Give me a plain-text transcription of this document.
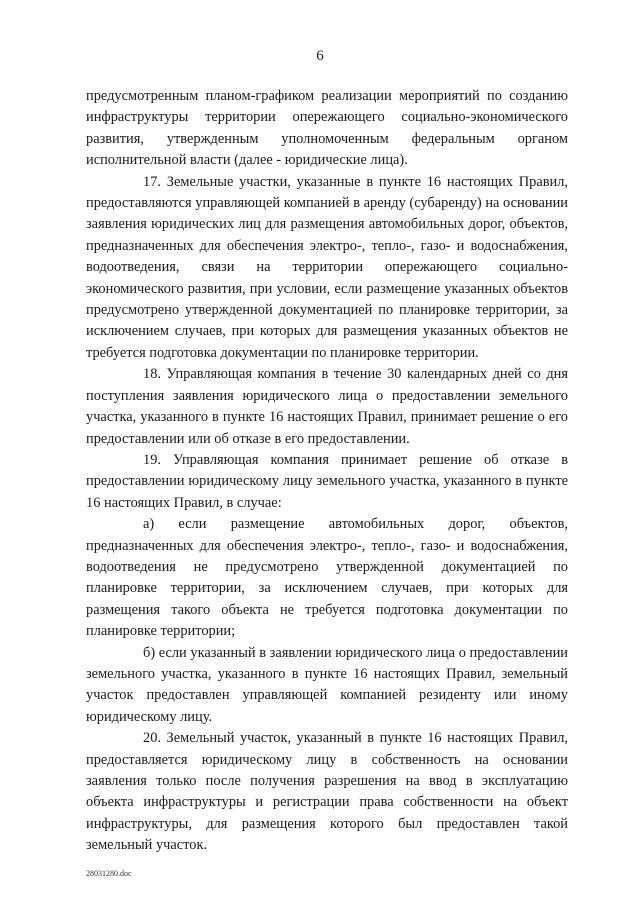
6

предусмотренным планом-графиком реализации мероприятий по созданию инфраструктуры территории опережающего социально-экономического развития, утвержденным уполномоченным федеральным органом исполнительной власти (далее - юридические лица).

17. Земельные участки, указанные в пункте 16 настоящих Правил, предоставляются управляющей компанией в аренду (субаренду) на основании заявления юридических лиц для размещения автомобильных дорог, объектов, предназначенных для обеспечения электро-, тепло-, газо- и водоснабжения, водоотведения, связи на территории опережающего социально-экономического развития, при условии, если размещение указанных объектов предусмотрено утвержденной документацией по планировке территории, за исключением случаев, при которых для размещения указанных объектов не требуется подготовка документации по планировке территории.

18. Управляющая компания в течение 30 календарных дней со дня поступления заявления юридического лица о предоставлении земельного участка, указанного в пункте 16 настоящих Правил, принимает решение о его предоставлении или об отказе в его предоставлении.

19. Управляющая компания принимает решение об отказе в предоставлении юридическому лицу земельного участка, указанного в пункте 16 настоящих Правил, в случае:

а) если размещение автомобильных дорог, объектов, предназначенных для обеспечения электро-, тепло-, газо- и водоснабжения, водоотведения не предусмотрено утвержденной документацией по планировке территории, за исключением случаев, при которых для размещения такого объекта не требуется подготовка документации по планировке территории;

б) если указанный в заявлении юридического лица о предоставлении земельного участка, указанного в пункте 16 настоящих Правил, земельный участок предоставлен управляющей компанией резиденту или иному юридическому лицу.

20. Земельный участок, указанный в пункте 16 настоящих Правил, предоставляется юридическому лицу в собственность на основании заявления только после получения разрешения на ввод в эксплуатацию объекта инфраструктуры и регистрации права собственности на объект инфраструктуры, для размещения которого был предоставлен такой земельный участок.

28031280.doc
